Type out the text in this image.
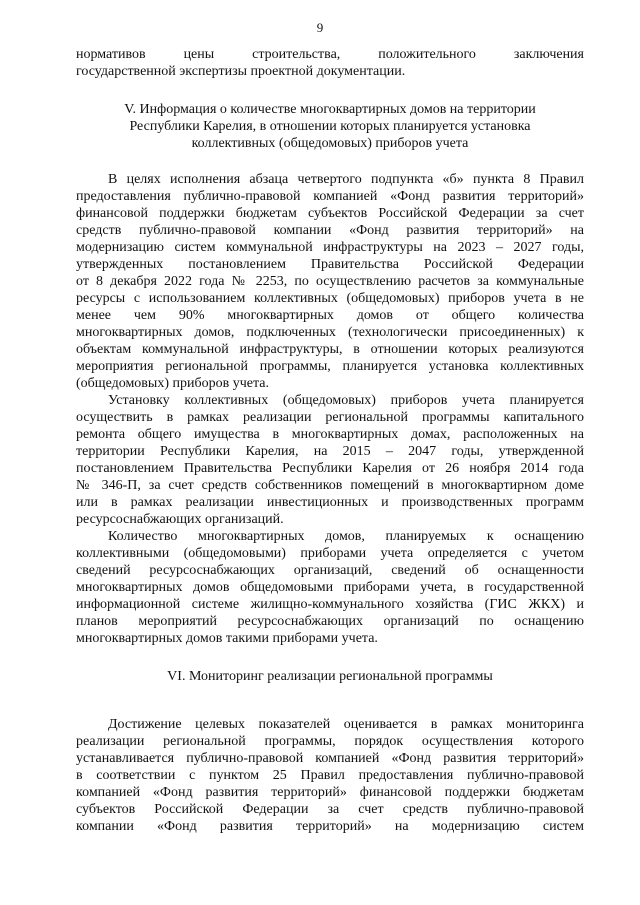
9
нормативов цены строительства, положительного заключения
государственной экспертизы проектной документации.
V. Информация о количестве многоквартирных домов на территории
Республики Карелия, в отношении которых планируется установка
коллективных (общедомовых) приборов учета
В целях исполнения абзаца четвертого подпункта «б» пункта 8 Правил
предоставления публично-правовой компанией «Фонд развития территорий»
финансовой поддержки бюджетам субъектов Российской Федерации за счет
средств публично-правовой компании «Фонд развития территорий» на
модернизацию систем коммунальной инфраструктуры на 2023 – 2027 годы,
утвержденных постановлением Правительства Российской Федерации
от 8 декабря 2022 года № 2253, по осуществлению расчетов за коммунальные
ресурсы с использованием коллективных (общедомовых) приборов учета в не
менее чем 90% многоквартирных домов от общего количества
многоквартирных домов, подключенных (технологически присоединенных) к
объектам коммунальной инфраструктуры, в отношении которых реализуются
мероприятия региональной программы, планируется установка коллективных
(общедомовых) приборов учета.
Установку коллективных (общедомовых) приборов учета планируется
осуществить в рамках реализации региональной программы капитального
ремонта общего имущества в многоквартирных домах, расположенных на
территории Республики Карелия, на 2015 – 2047 годы, утвержденной
постановлением Правительства Республики Карелия от 26 ноября 2014 года
№ 346-П, за счет средств собственников помещений в многоквартирном доме
или в рамках реализации инвестиционных и производственных программ
ресурсоснабжающих организаций.
Количество многоквартирных домов, планируемых к оснащению
коллективными (общедомовыми) приборами учета определяется с учетом
сведений ресурсоснабжающих организаций, сведений об оснащенности
многоквартирных домов общедомовыми приборами учета, в государственной
информационной системе жилищно-коммунального хозяйства (ГИС ЖКХ) и
планов мероприятий ресурсоснабжающих организаций по оснащению
многоквартирных домов такими приборами учета.
VI. Мониторинг реализации региональной программы
Достижение целевых показателей оценивается в рамках мониторинга
реализации региональной программы, порядок осуществления которого
устанавливается публично-правовой компанией «Фонд развития территорий»
в соответствии с пунктом 25 Правил предоставления публично-правовой
компанией «Фонд развития территорий» финансовой поддержки бюджетам
субъектов Российской Федерации за счет средств публично-правовой
компании «Фонд развития территорий» на модернизацию систем
